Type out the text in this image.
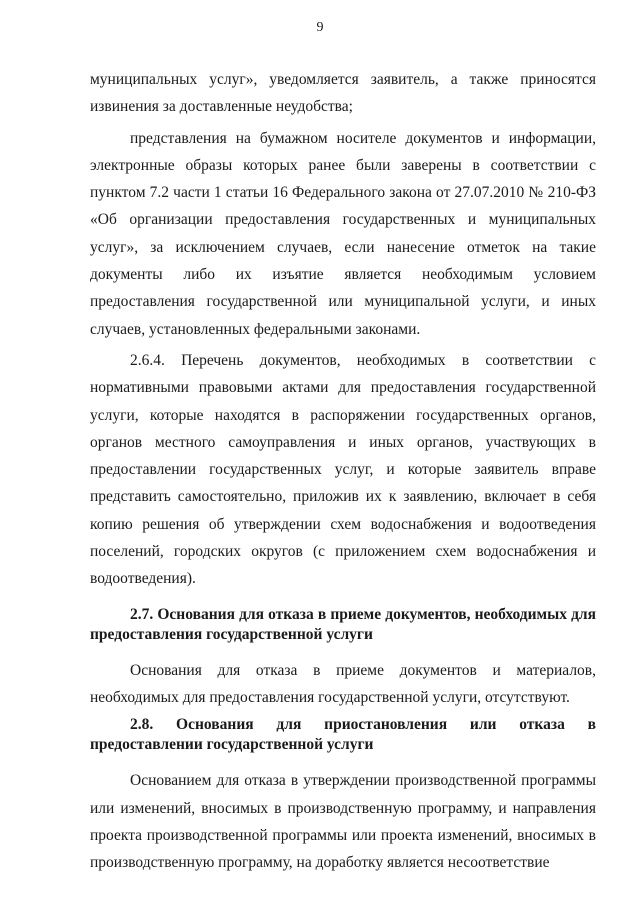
9

муниципальных услуг», уведомляется заявитель, а также приносятся извинения за доставленные неудобства;

представления на бумажном носителе документов и информации, электронные образы которых ранее были заверены в соответствии с пунктом 7.2 части 1 статьи 16 Федерального закона от 27.07.2010 № 210-ФЗ «Об организации предоставления государственных и муниципальных услуг», за исключением случаев, если нанесение отметок на такие документы либо их изъятие является необходимым условием предоставления государственной или муниципальной услуги, и иных случаев, установленных федеральными законами.

2.6.4. Перечень документов, необходимых в соответствии с нормативными правовыми актами для предоставления государственной услуги, которые находятся в распоряжении государственных органов, органов местного самоуправления и иных органов, участвующих в предоставлении государственных услуг, и которые заявитель вправе представить самостоятельно, приложив их к заявлению, включает в себя копию решения об утверждении схем водоснабжения и водоотведения поселений, городских округов (с приложением схем водоснабжения и водоотведения).

2.7. Основания для отказа в приеме документов, необходимых для предоставления государственной услуги

Основания для отказа в приеме документов и материалов, необходимых для предоставления государственной услуги, отсутствуют.

2.8. Основания для приостановления или отказа в предоставлении государственной услуги

Основанием для отказа в утверждении производственной программы или изменений, вносимых в производственную программу, и направления проекта производственной программы или проекта изменений, вносимых в производственную программу, на доработку является несоответствие
